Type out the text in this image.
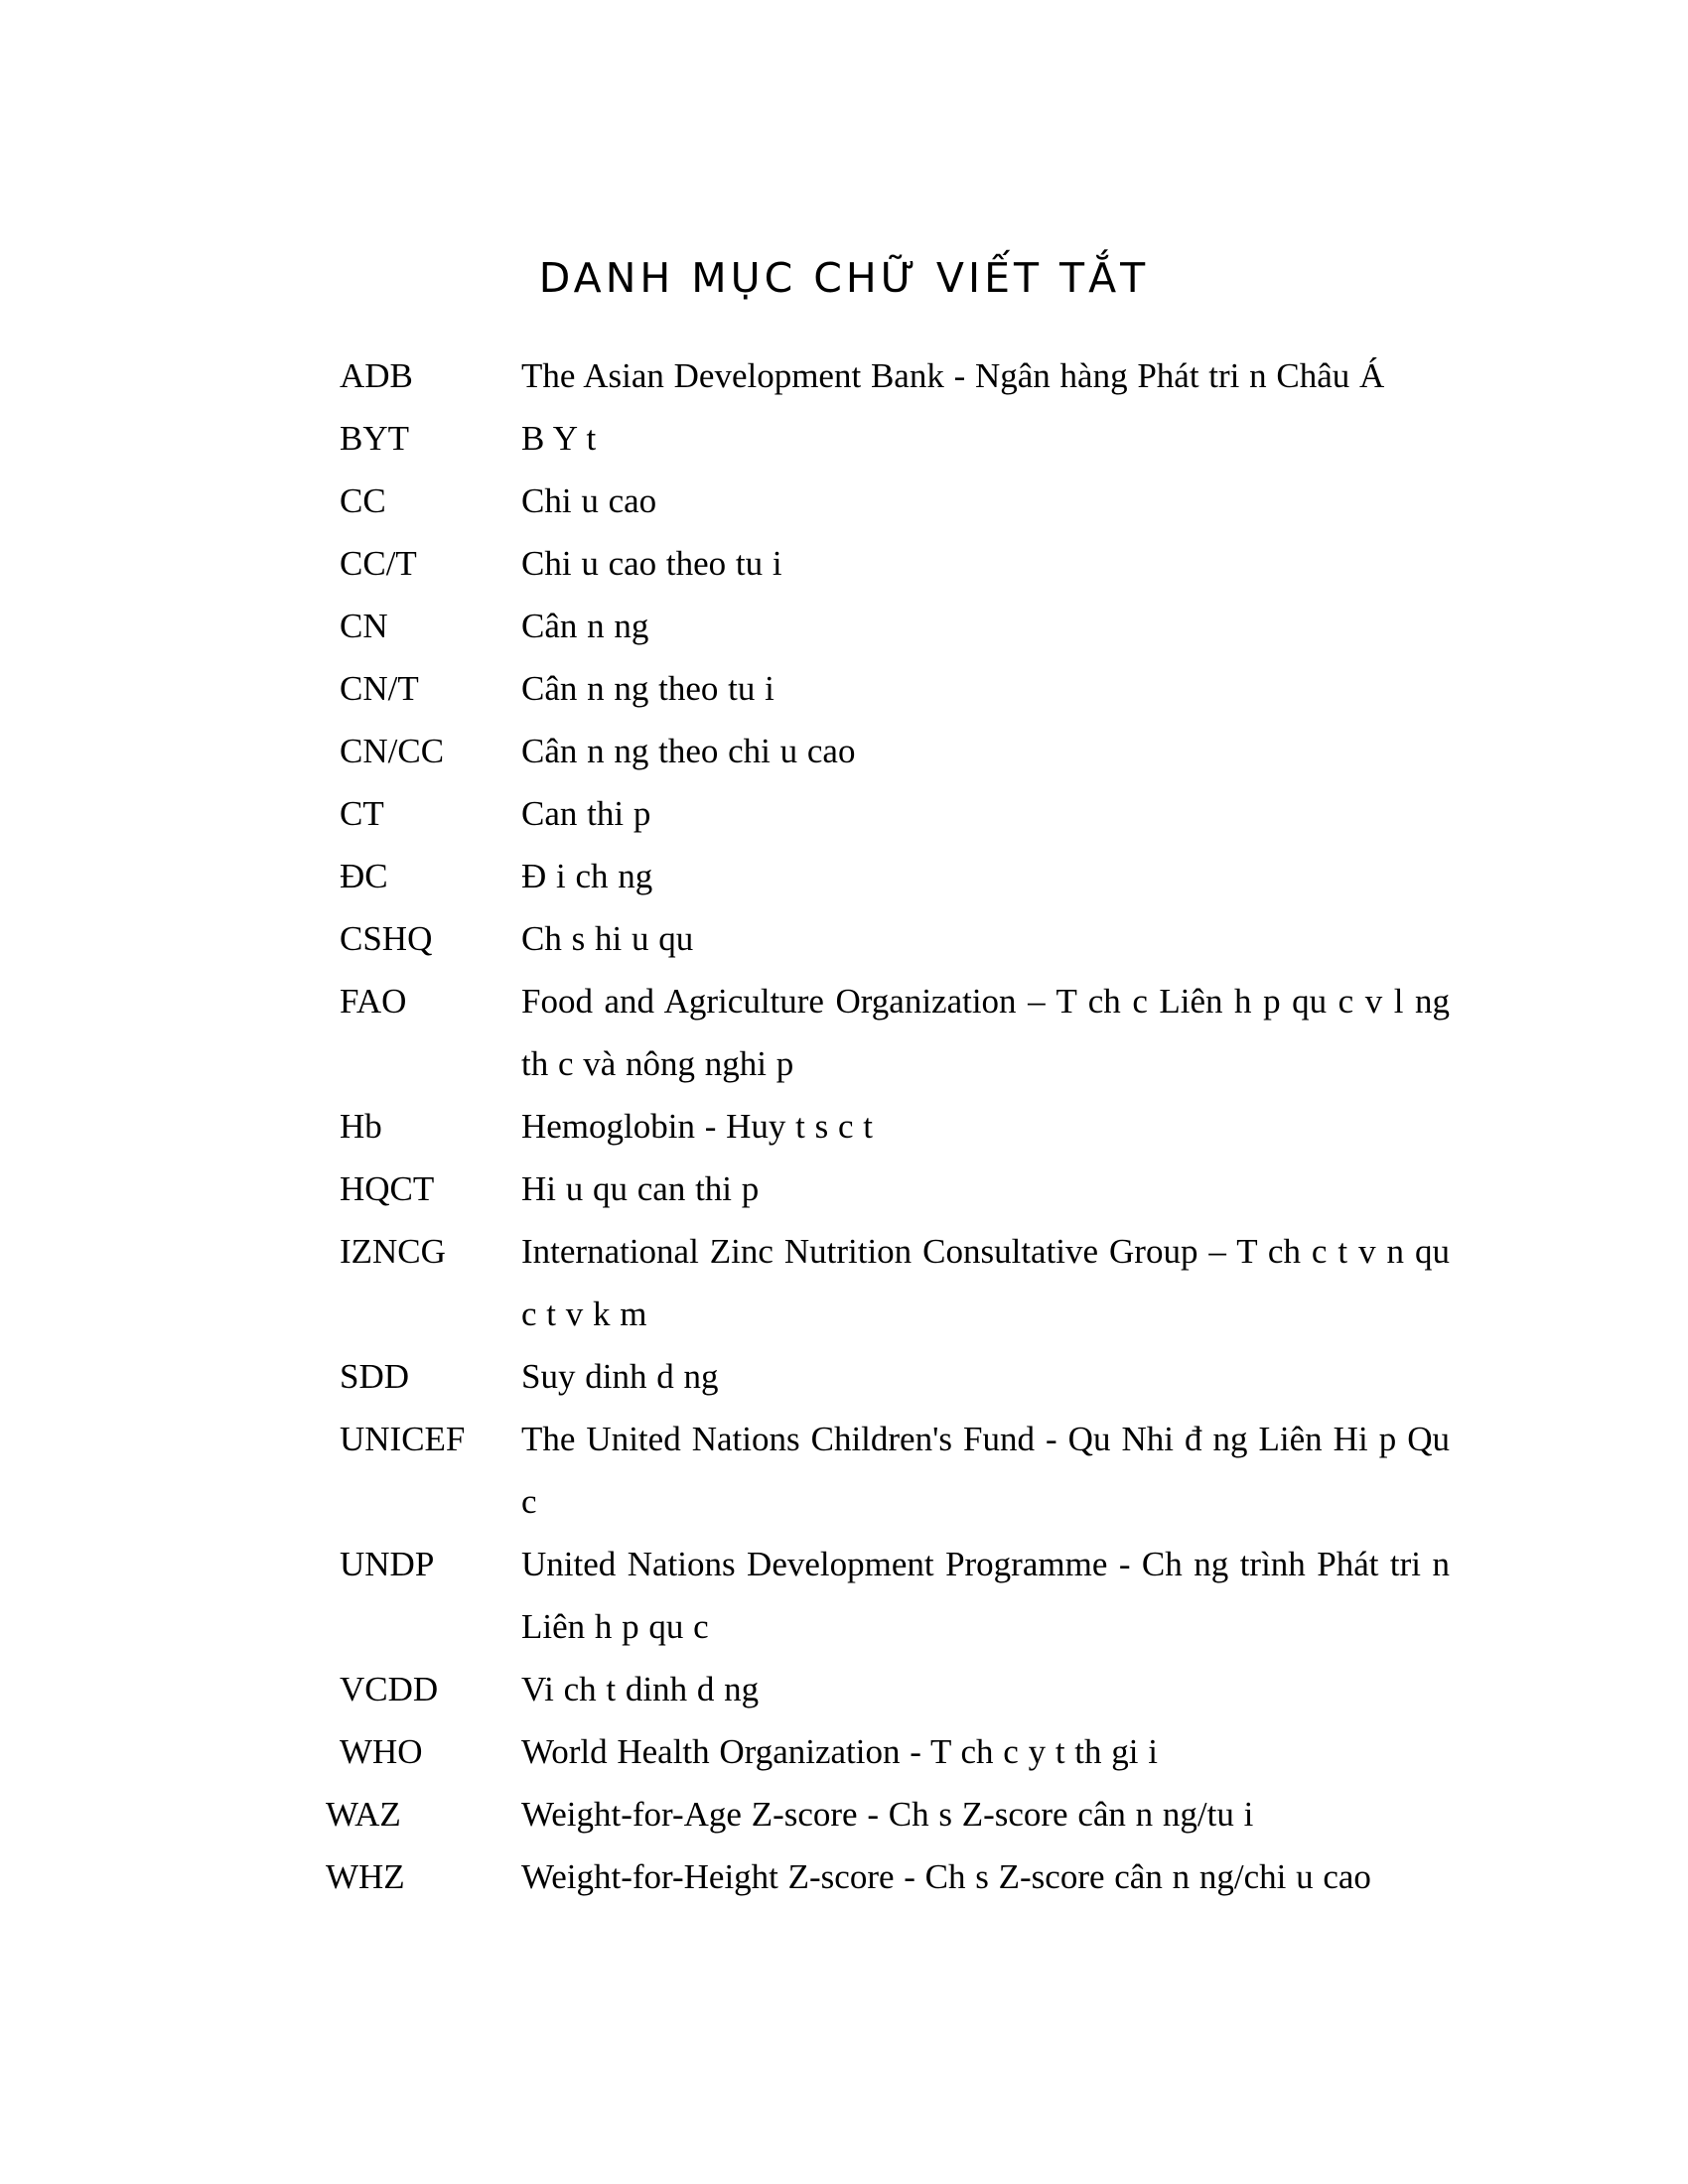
DANH MỤC CHỮ VIẾT TẮT
ADB	The Asian Development Bank - Ngân hàng Phát tri n Châu Á
BYT	B Y t
CC	Chi u cao
CC/T	Chi u cao theo tu i
CN	Cân n ng
CN/T	Cân n ng theo tu i
CN/CC Cân n ng theo chi u cao
CT	Can thi p
ĐC	Đ i ch ng
CSHQ	Ch s hi u qu
FAO	Food and Agriculture Organization – T ch c Liên h p qu c v l ng th c và nông nghi p
Hb	Hemoglobin - Huy t s c t
HQCT	Hi u qu can thi p
IZNCG International Zinc Nutrition Consultative Group – T ch c t v n qu c t v k m
SDD	Suy dinh d ng
UNICEF The United Nations Children's Fund - Qu Nhi đ ng Liên Hi p Qu c
UNDP	United Nations Development Programme - Ch ng trình Phát tri n Liên h p qu c
VCDD Vi ch t dinh d ng
WHO	World Health Organization - T ch c y t th gi i
WAZ	Weight-for-Age Z-score - Ch s Z-score cân n ng/tu i
WHZ	Weight-for-Height Z-score - Ch s Z-score cân n ng/chi u cao
